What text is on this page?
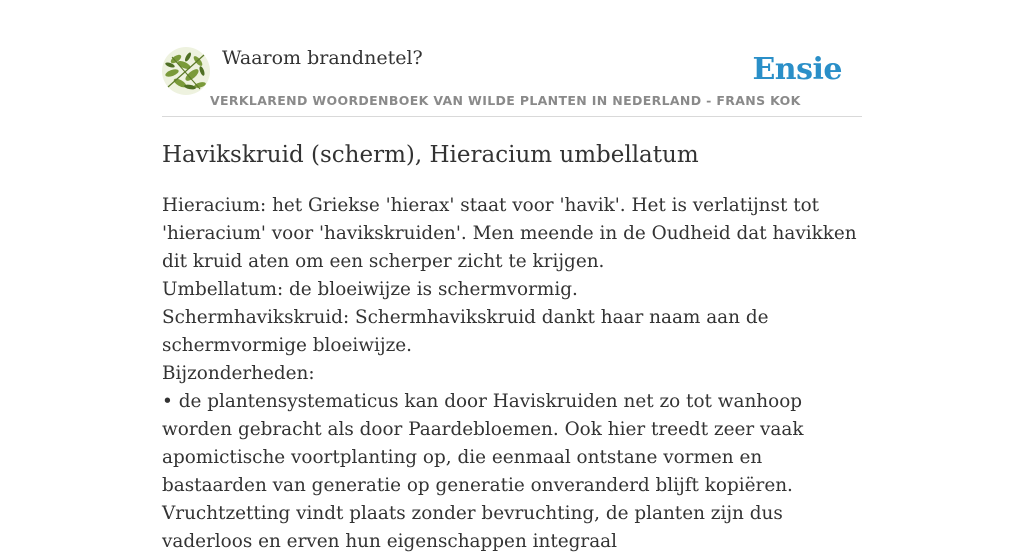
Waarom brandnetel?	Ensie
VERKLAREND WOORDENBOEK VAN WILDE PLANTEN IN NEDERLAND - FRANS KOK
Havikskruid (scherm), Hieracium umbellatum

Hieracium: het Griekse 'hierax' staat voor 'havik'. Het is verlatijnst tot 'hieracium' voor 'havikskruiden'. Men meende in de Oudheid dat havikken dit kruid aten om een scherper zicht te krijgen.

Umbellatum: de bloeiwijze is schermvormig.

Schermhavikskruid: Schermhavikskruid dankt haar naam aan de schermvormige bloeiwijze.

Bijzonderheden:

• de plantensystematicus kan door Haviskruiden net zo tot wanhoop worden gebracht als door Paardebloemen. Ook hier treedt zeer vaak apomictische voortplanting op, die eenmaal ontstane vormen en bastaarden van generatie op generatie onveranderd blijft kopiëren. Vruchtzetting vindt plaats zonder bevruchting, de planten zijn dus vaderloos en erven hun eigenschappen integraal
